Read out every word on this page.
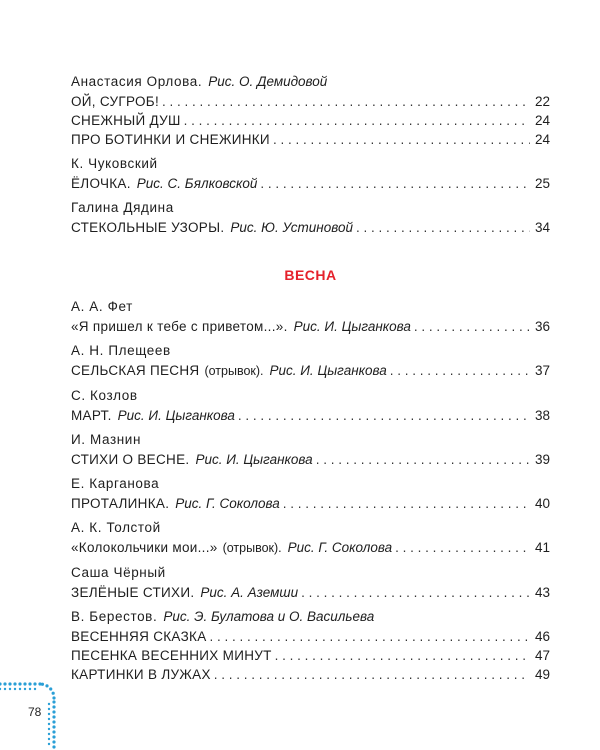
Анастасия Орлова. Рис. О. Демидовой
ОЙ, СУГРОБ! . . .	22
СНЕЖНЫЙ ДУШ . . .	24
ПРО БОТИНКИ И СНЕЖИНКИ . . .	24
К. Чуковский
ЁЛОЧКА. Рис. С. Бялковской . . .	25
Галина Дядина
СТЕКОЛЬНЫЕ УЗОРЫ. Рис. Ю. Устиновой . . .	34
ВЕСНА
А. А. Фет
«Я пришел к тебе с приветом...». Рис. И. Цыганкова . . .	36
А. Н. Плещеев
СЕЛЬСКАЯ ПЕСНЯ (отрывок). Рис. И. Цыганкова . . .	37
С. Козлов
МАРТ. Рис. И. Цыганкова . . .	38
И. Мазнин
СТИХИ О ВЕСНЕ. Рис. И. Цыганкова . . .	39
Е. Карганова
ПРОТАЛИНКА. Рис. Г. Соколова . . .	40
А. К. Толстой
«Колокольчики мои...» (отрывок). Рис. Г. Соколова . . .	41
Саша Чёрный
ЗЕЛЁНЫЕ СТИХИ. Рис. А. Аземши . . .	43
В. Берестов. Рис. Э. Булатова и О. Васильева
ВЕСЕННЯЯ СКАЗКА . . .	46
ПЕСЕНКА ВЕСЕННИХ МИНУТ . . .	47
КАРТИНКИ В ЛУЖАХ . . .	49
78
